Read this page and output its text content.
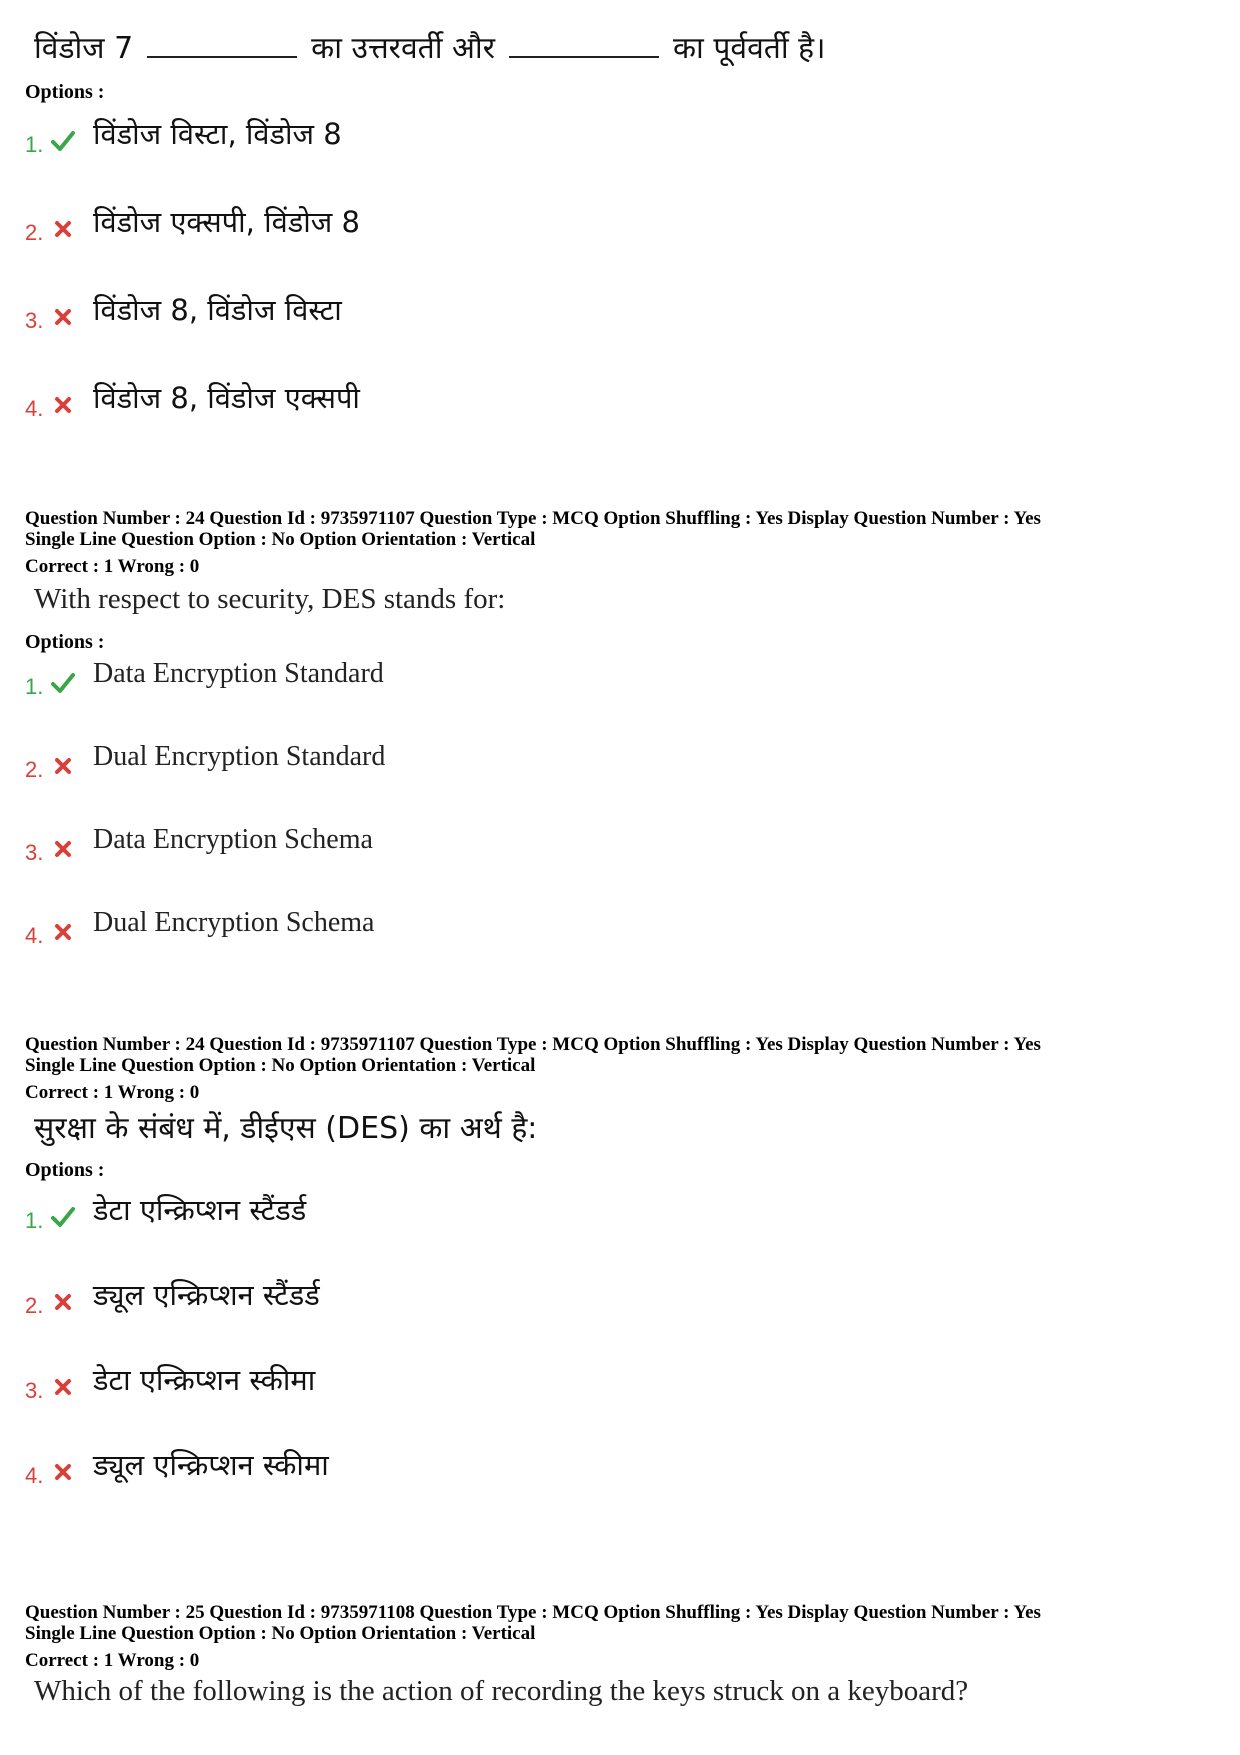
विंडोज 7	का उत्तरवर्ती और	का पूर्ववर्ती है।

Options :

1. विंडोज विस्टा, विंडोज 8
2. विंडोज एक्सपी, विंडोज 8
3. विंडोज 8, विंडोज विस्टा
4. विंडोज 8, विंडोज एक्सपी

Question Number : 24 Question Id : 9735971107 Question Type : MCQ Option Shuffling : Yes Display Question Number : Yes

Single Line Question Option : No Option Orientation : Vertical

Correct : 1 Wrong : 0

With respect to security, DES stands for:

Options :

1. Data Encryption Standard
2. Dual Encryption Standard
3. Data Encryption Schema
4. Dual Encryption Schema

Question Number : 24 Question Id : 9735971107 Question Type : MCQ Option Shuffling : Yes Display Question Number : Yes

Single Line Question Option : No Option Orientation : Vertical

Correct : 1 Wrong : 0

सुरक्षा के संबंध में, डीईएस (DES) का अर्थ है:

Options :

1. डेटा एन्क्रिप्शन स्टैंडर्ड
2. ड्यूल एन्क्रिप्शन स्टैंडर्ड
3. डेटा एन्क्रिप्शन स्कीमा
4. ड्यूल एन्क्रिप्शन स्कीमा

Question Number : 25 Question Id : 9735971108 Question Type : MCQ Option Shuffling : Yes Display Question Number : Yes

Single Line Question Option : No Option Orientation : Vertical

Correct : 1 Wrong : 0

Which of the following is the action of recording the keys struck on a keyboard?
